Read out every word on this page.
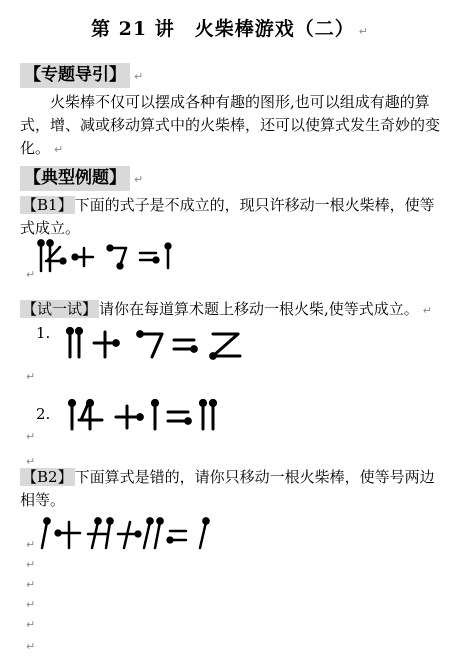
第 21 讲　火柴棒游戏（二） ↵
【专题导引】 ↵
火柴棒不仅可以摆成各种有趣的图形,也可以组成有趣的算式，增、减或移动算式中的火柴棒，还可以使算式发生奇妙的变化。 ↵
【典型例题】 ↵
【B1】 下面的式子是不成立的，现只许移动一根火柴棒，使等式成立。
↵
【试一试】 请你在每道算术题上移动一根火柴,使等式成立。 ↵
1.
↵
2.
↵
↵
【B2】 下面算式是错的，请你只移动一根火柴棒，使等号两边相等。
↵
↵
↵
↵
↵
↵
